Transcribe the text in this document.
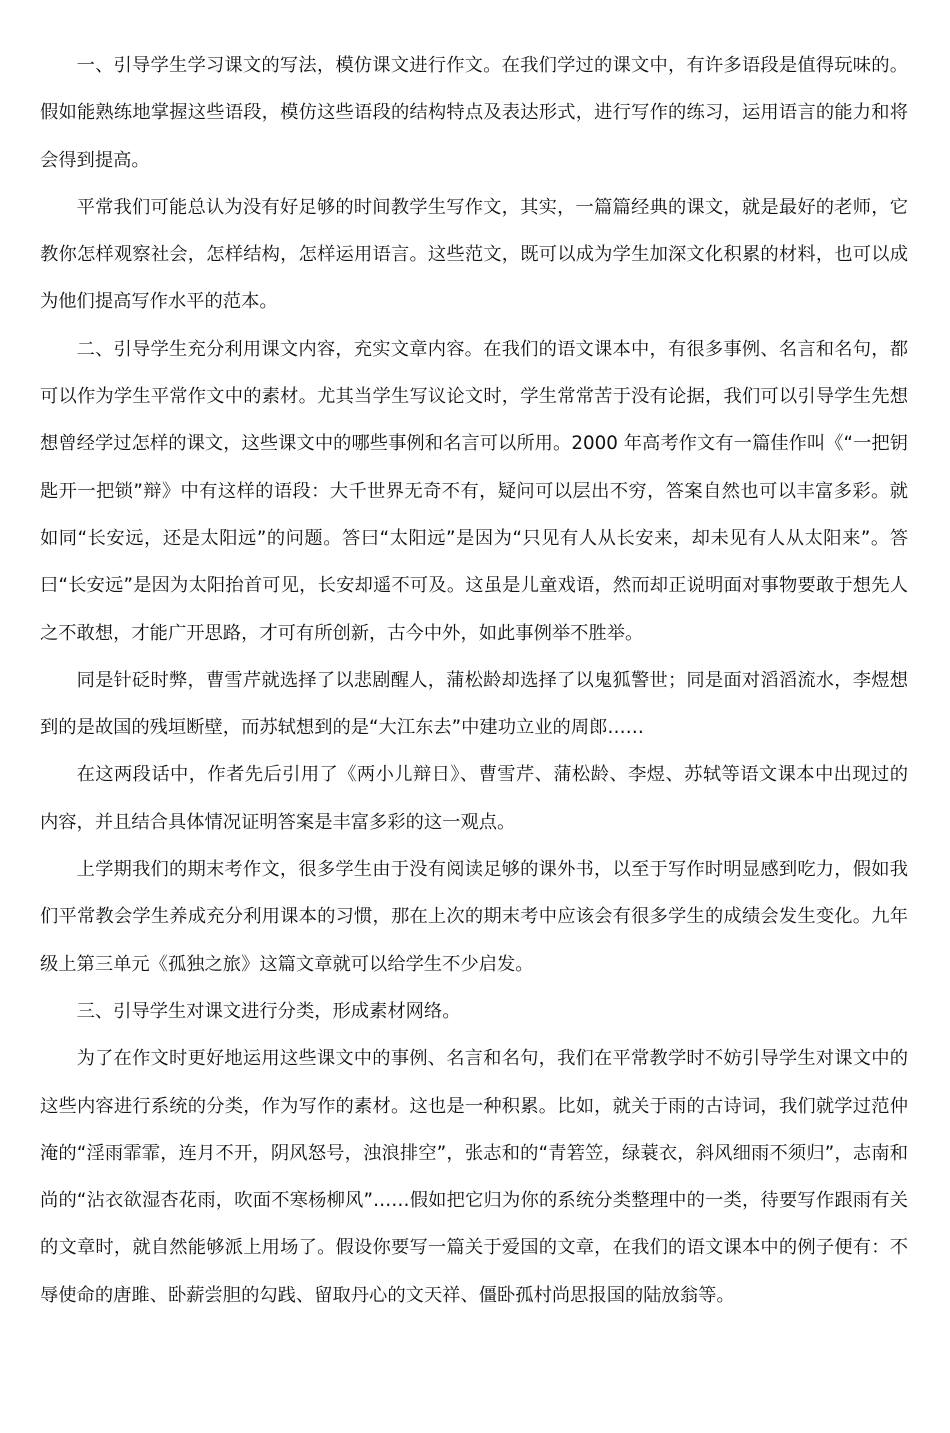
一、引导学生学习课文的写法，模仿课文进行作文。在我们学过的课文中，有许多语段是值得玩味的。假如能熟练地掌握这些语段，模仿这些语段的结构特点及表达形式，进行写作的练习，运用语言的能力和将会得到提高。

平常我们可能总认为没有好足够的时间教学生写作文，其实，一篇篇经典的课文，就是最好的老师，它教你怎样观察社会，怎样结构，怎样运用语言。这些范文，既可以成为学生加深文化积累的材料，也可以成为他们提高写作水平的范本。

二、引导学生充分利用课文内容，充实文章内容。在我们的语文课本中，有很多事例、名言和名句，都可以作为学生平常作文中的素材。尤其当学生写议论文时，学生常常苦于没有论据，我们可以引导学生先想想曾经学过怎样的课文，这些课文中的哪些事例和名言可以所用。2000 年高考作文有一篇佳作叫《“一把钥匙开一把锁”辩》中有这样的语段：大千世界无奇不有，疑问可以层出不穷，答案自然也可以丰富多彩。就如同“长安远，还是太阳远”的问题。答曰“太阳远”是因为“只见有人从长安来，却未见有人从太阳来”。答曰“长安远”是因为太阳抬首可见，长安却遥不可及。这虽是儿童戏语，然而却正说明面对事物要敢于想先人之不敢想，才能广开思路，才可有所创新，古今中外，如此事例举不胜举。

同是针砭时弊，曹雪芹就选择了以悲剧醒人，蒲松龄却选择了以鬼狐警世；同是面对滔滔流水，李煜想到的是故国的残垣断壁，而苏轼想到的是“大江东去”中建功立业的周郎……

在这两段话中，作者先后引用了《两小儿辩日》、曹雪芹、蒲松龄、李煜、苏轼等语文课本中出现过的内容，并且结合具体情况证明答案是丰富多彩的这一观点。

上学期我们的期末考作文，很多学生由于没有阅读足够的课外书，以至于写作时明显感到吃力，假如我们平常教会学生养成充分利用课本的习惯，那在上次的期末考中应该会有很多学生的成绩会发生变化。九年级上第三单元《孤独之旅》这篇文章就可以给学生不少启发。

三、引导学生对课文进行分类，形成素材网络。

为了在作文时更好地运用这些课文中的事例、名言和名句，我们在平常教学时不妨引导学生对课文中的这些内容进行系统的分类，作为写作的素材。这也是一种积累。比如，就关于雨的古诗词，我们就学过范仲淹的“淫雨霏霏，连月不开，阴风怒号，浊浪排空”，张志和的“青箬笠，绿蓑衣，斜风细雨不须归”，志南和尚的“沾衣欲湿杏花雨，吹面不寒杨柳风”……假如把它归为你的系统分类整理中的一类，待要写作跟雨有关的文章时，就自然能够派上用场了。假设你要写一篇关于爱国的文章，在我们的语文课本中的例子便有：不辱使命的唐雎、卧薪尝胆的勾践、留取丹心的文天祥、僵卧孤村尚思报国的陆放翁等。
